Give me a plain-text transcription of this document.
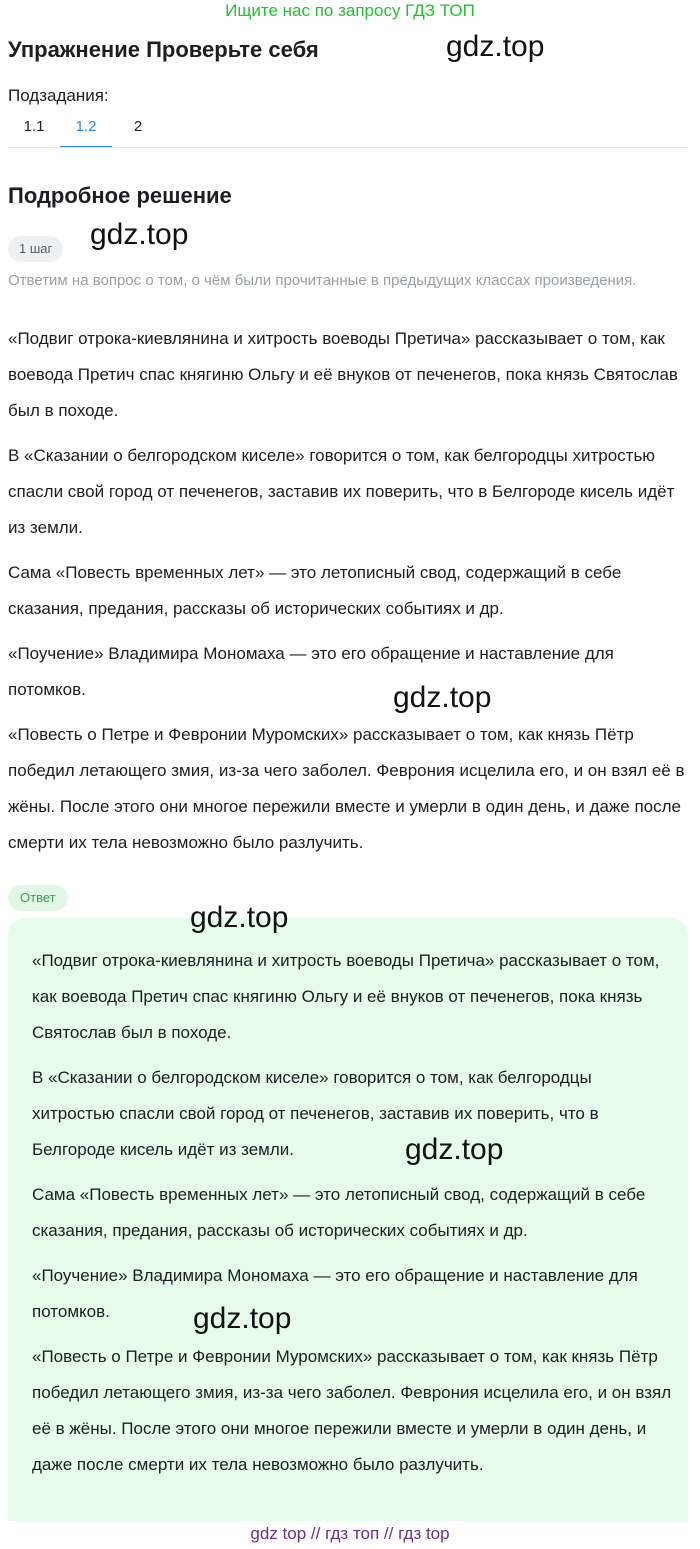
Ищите нас по запросу ГДЗ ТОП
Упражнение Проверьте себя	gdz.top
Подзадания:
1.1	1.2	2
Подробное решение
1 шаг	gdz.top
Ответим на вопрос о том, о чём были прочитанные в предыдущих классах произведения.
«Подвиг отрока-киевлянина и хитрость воеводы Претича» рассказывает о том, как воевода Претич спас княгиню Ольгу и её внуков от печенегов, пока князь Святослав был в походе.
В «Сказании о белгородском киселе» говорится о том, как белгородцы хитростью спасли свой город от печенегов, заставив их поверить, что в Белгороде кисель идёт из земли.
Сама «Повесть временных лет» — это летописный свод, содержащий в себе сказания, предания, рассказы об исторических событиях и др.
«Поучение» Владимира Мономаха — это его обращение и наставление для потомков.	gdz.top
«Повесть о Петре и Февронии Муромских» рассказывает о том, как князь Пётр победил летающего змия, из-за чего заболел. Феврония исцелила его, и он взял её в жёны. После этого они многое пережили вместе и умерли в один день, и даже после смерти их тела невозможно было разлучить.
Ответ
gdz.top
«Подвиг отрока-киевлянина и хитрость воеводы Претича» рассказывает о том, как воевода Претич спас княгиню Ольгу и её внуков от печенегов, пока князь Святослав был в походе.
В «Сказании о белгородском киселе» говорится о том, как белгородцы хитростью спасли свой город от печенегов, заставив их поверить, что в Белгороде кисель идёт из земли.	gdz.top
Сама «Повесть временных лет» — это летописный свод, содержащий в себе сказания, предания, рассказы об исторических событиях и др.
«Поучение» Владимира Мономаха — это его обращение и наставление для потомков.	gdz.top
«Повесть о Петре и Февронии Муромских» рассказывает о том, как князь Пётр победил летающего змия, из-за чего заболел. Феврония исцелила его, и он взял её в жёны. После этого они многое пережили вместе и умерли в один день, и даже после смерти их тела невозможно было разлучить.
gdz top // гдз топ // гдз top
